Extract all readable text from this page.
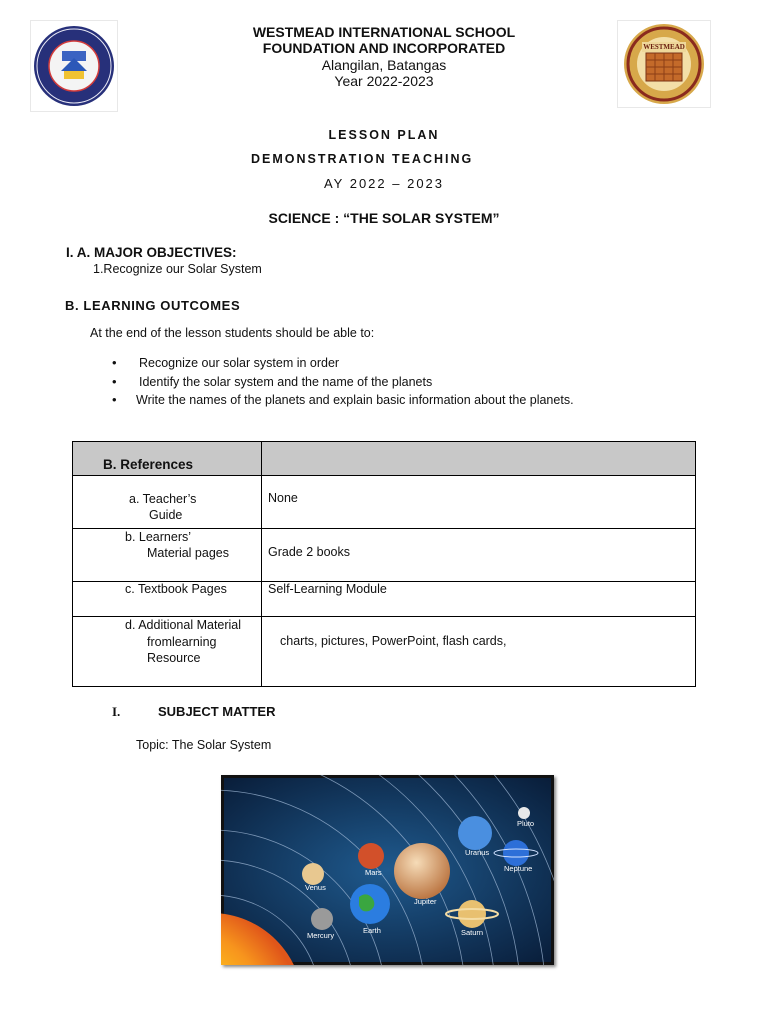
WESTMEAD
WESTMEAD INTERNATIONAL SCHOOL
FOUNDATION AND INCORPORATED
Alangilan, Batangas
Year 2022-2023
LESSON PLAN
DEMONSTRATION TEACHING
AY 2022 – 2023
SCIENCE : “THE SOLAR SYSTEM”
I. A. MAJOR OBJECTIVES:
1.Recognize our Solar System
B. LEARNING OUTCOMES
At the end of the lesson students should be able to:
• Recognize our solar system in order
• Identify the solar system and the name of the planets
• Write the names of the planets and explain basic information about the planets.
B. References	

a. Teacher’s
Guide	None

b. Learners’
Material pages	Grade 2 books

c. Textbook Pages	Self-Learning Module

d. Additional Material
fromlearning
Resource	charts, pictures, PowerPoint, flash cards,
I.	SUBJECT MATTER
Topic: The Solar System
Pluto
Uranus
Neptune
Mars
Venus
Jupiter
Mercury
Earth	Saturn
